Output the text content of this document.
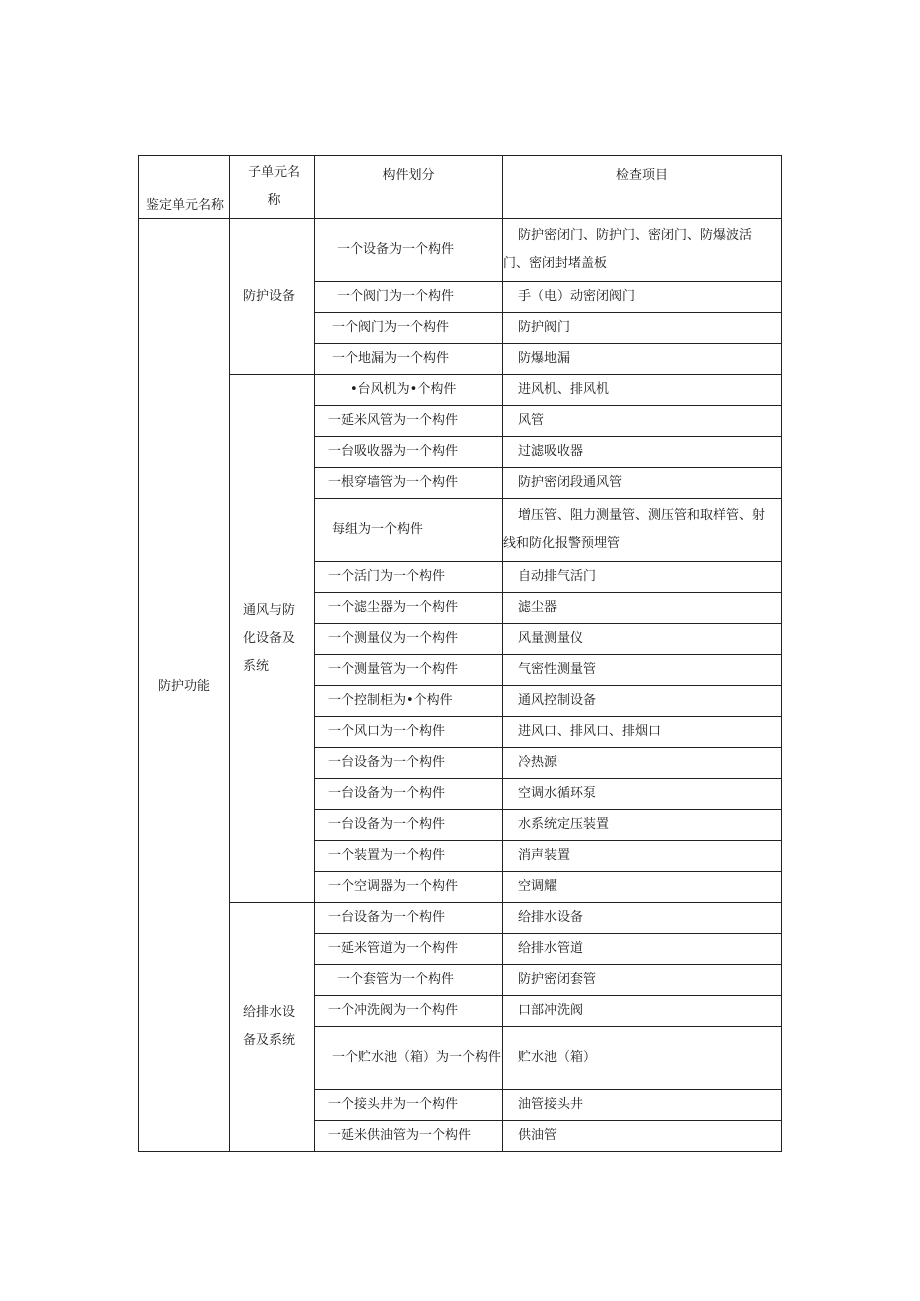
鉴定单元名称	子单元名称	构件划分	检查项目
防护功能	防护设备	一个设备为一个构件	防护密闭门、防护门、密闭门、防爆波活门、密闭封堵盖板
		一个阀门为一个构件	手（电）动密闭阀门
		一个阀门为一个构件	防护阀门
		一个地漏为一个构件	防爆地漏
	通风与防化设备及系统	•台风机为•个构件	进风机、排风机
		一延米风管为一个构件	风管
		一台吸收器为一个构件	过滤吸收器
		一根穿墙管为一个构件	防护密闭段通风管
		每组为一个构件	增压管、阻力测量管、测压管和取样管、射线和防化报警预埋管
		一个活门为一个构件	自动排气活门
		一个滤尘器为一个构件	滤尘器
		一个测量仪为一个构件	风量测量仪
		一个测量管为一个构件	气密性测量管
		一个控制柜为•个构件	通风控制设备
		一个风口为一个构件	进风口、排风口、排烟口
		一台设备为一个构件	冷热源
		一台设备为一个构件	空调水循环泵
		一台设备为一个构件	水系统定压装置
		一个装置为一个构件	消声装置
		一个空调器为一个构件	空调耀
	给排水设备及系统	一台设备为一个构件	给排水设备
		一延米管道为一个构件	给排水管道
		一个套管为一个构件	防护密闭套管
		一个冲洗阀为一个构件	口部冲洗阀
		一个贮水池（箱）为一个构件	贮水池（箱）
		一个接头井为一个构件	油管接头井
		一延米供油管为一个构件	供油管
